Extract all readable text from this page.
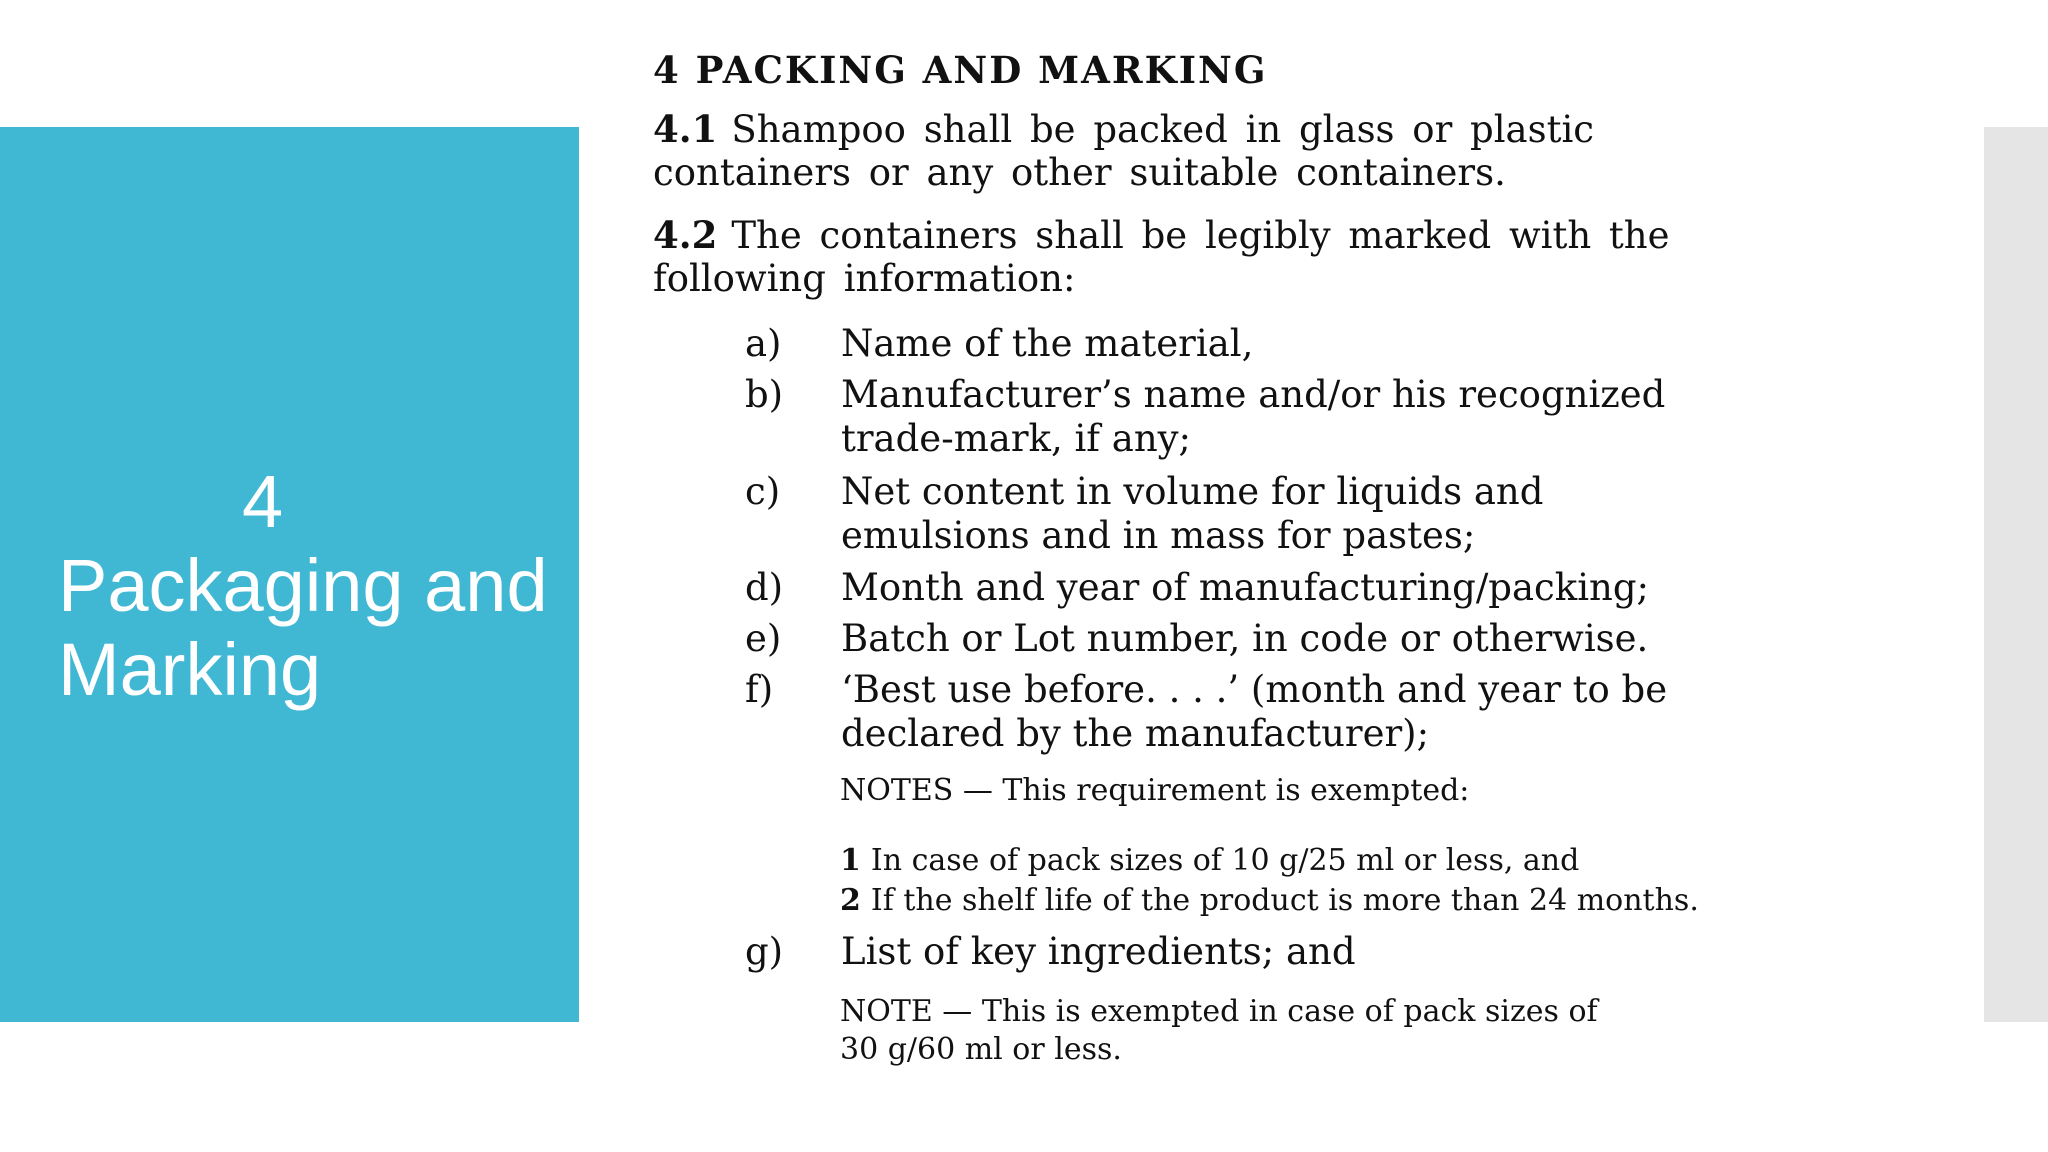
4
Packaging and
Marking
4 PACKING AND MARKING
4.1 Shampoo shall be packed in glass or plastic
containers or any other suitable containers.
4.2 The containers shall be legibly marked with the
following information:
a) Name of the material,
b) Manufacturer’s name and/or his recognized
trade-mark, if any;
c) Net content in volume for liquids and
emulsions and in mass for pastes;
d) Month and year of manufacturing/packing;
e) Batch or Lot number, in code or otherwise.
f) ‘Best use before. . . .’ (month and year to be
declared by the manufacturer);
NOTES — This requirement is exempted:
1 In case of pack sizes of 10 g/25 ml or less, and
2 If the shelf life of the product is more than 24 months.
g) List of key ingredients; and
NOTE — This is exempted in case of pack sizes of
30 g/60 ml or less.
